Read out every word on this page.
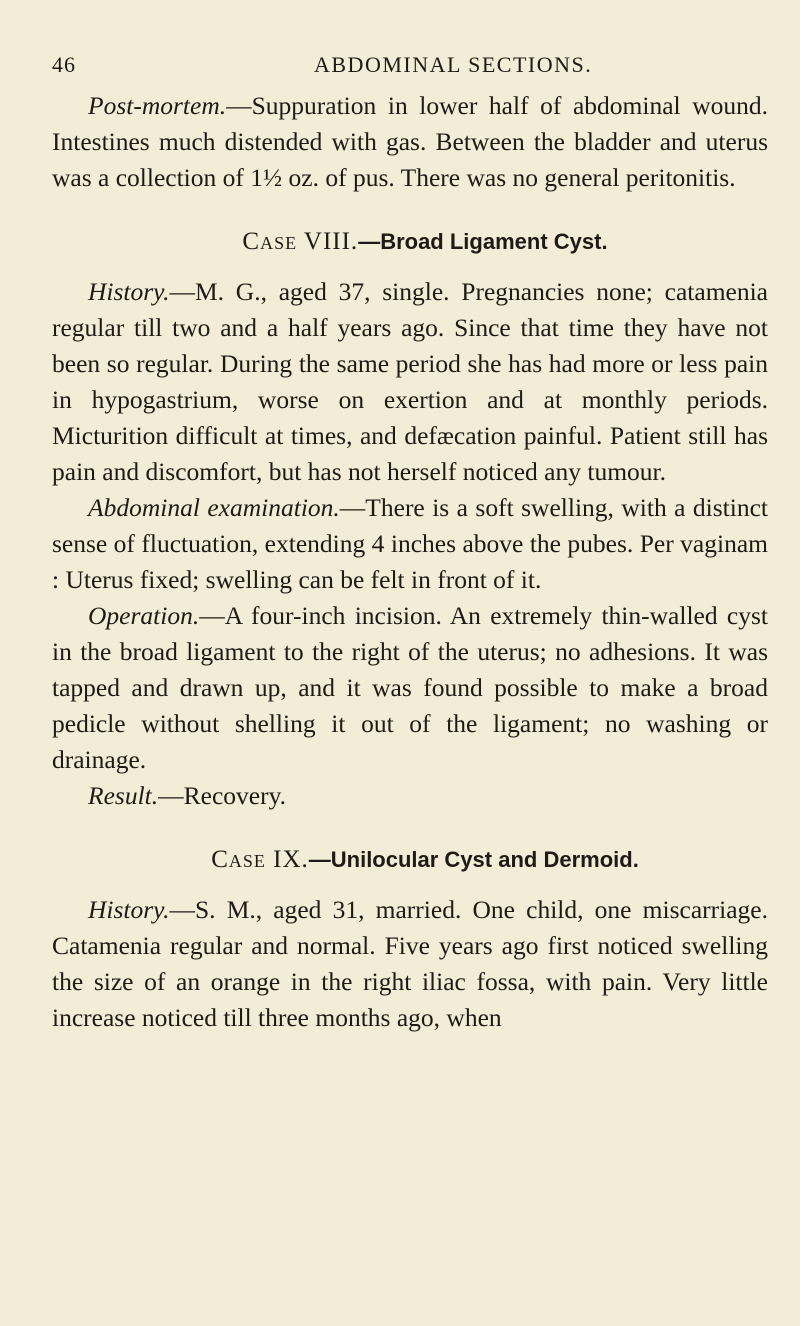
46	ABDOMINAL SECTIONS.

Post-mortem.—Suppuration in lower half of abdominal wound. Intestines much distended with gas. Between the bladder and uterus was a collection of 1½ oz. of pus. There was no general peritonitis.

Case VIII.—Broad Ligament Cyst.

History.—M. G., aged 37, single. Pregnancies none; catamenia regular till two and a half years ago. Since that time they have not been so regular. During the same period she has had more or less pain in hypogastrium, worse on exertion and at monthly periods. Micturition difficult at times, and defæcation painful. Patient still has pain and discomfort, but has not herself noticed any tumour.

Abdominal examination.—There is a soft swelling, with a distinct sense of fluctuation, extending 4 inches above the pubes. Per vaginam : Uterus fixed; swelling can be felt in front of it.

Operation.—A four-inch incision. An extremely thin-walled cyst in the broad ligament to the right of the uterus; no adhesions. It was tapped and drawn up, and it was found possible to make a broad pedicle without shelling it out of the ligament; no washing or drainage.

Result.—Recovery.

Case IX.—Unilocular Cyst and Dermoid.

History.—S. M., aged 31, married. One child, one miscarriage. Catamenia regular and normal. Five years ago first noticed swelling the size of an orange in the right iliac fossa, with pain. Very little increase noticed till three months ago, when
